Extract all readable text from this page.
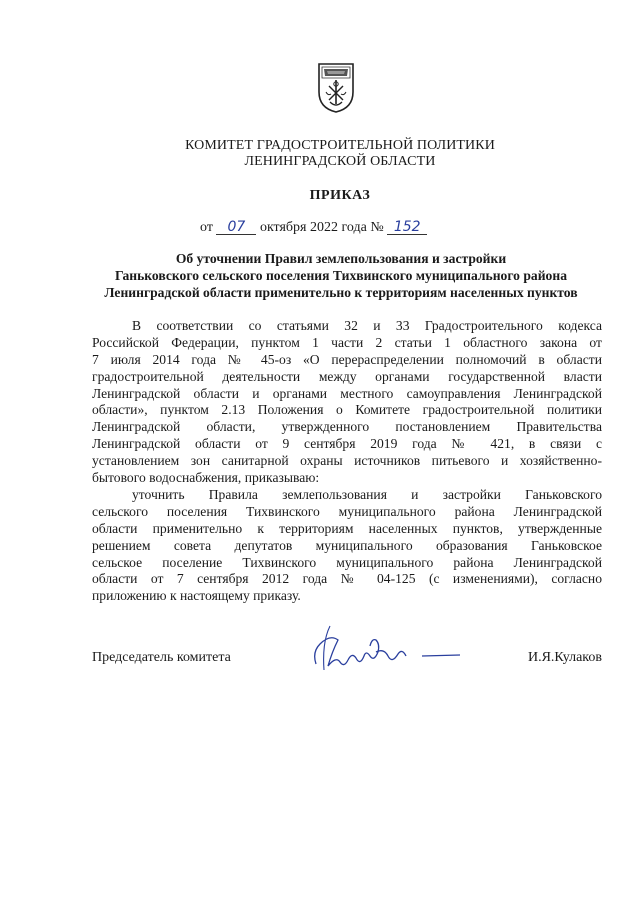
КОМИТЕТ ГРАДОСТРОИТЕЛЬНОЙ ПОЛИТИКИ
ЛЕНИНГРАДСКОЙ ОБЛАСТИ
ПРИКАЗ
от 07 октября 2022 года № 152
Об уточнении Правил землепользования и застройки
Ганьковского сельского поселения Тихвинского муниципального района
Ленинградской области применительно к территориям населенных пунктов
В соответствии со статьями 32 и 33 Градостроительного кодекса
Российской Федерации, пунктом 1 части 2 статьи 1 областного закона от
7 июля 2014 года № 45-оз «О перераспределении полномочий в области
градостроительной деятельности между органами государственной власти
Ленинградской области и органами местного самоуправления Ленинградской
области», пунктом 2.13 Положения о Комитете градостроительной политики
Ленинградской области, утвержденного постановлением Правительства
Ленинградской области от 9 сентября 2019 года № 421, в связи с
установлением зон санитарной охраны источников питьевого и хозяйственно-
бытового водоснабжения, приказываю:
уточнить Правила землепользования и застройки Ганьковского
сельского поселения Тихвинского муниципального района Ленинградской
области применительно к территориям населенных пунктов, утвержденные
решением совета депутатов муниципального образования Ганьковское
сельское поселение Тихвинского муниципального района Ленинградской
области от 7 сентября 2012 года № 04-125 (с изменениями), согласно
приложению к настоящему приказу.
Председатель комитета	И.Я.Кулаков
